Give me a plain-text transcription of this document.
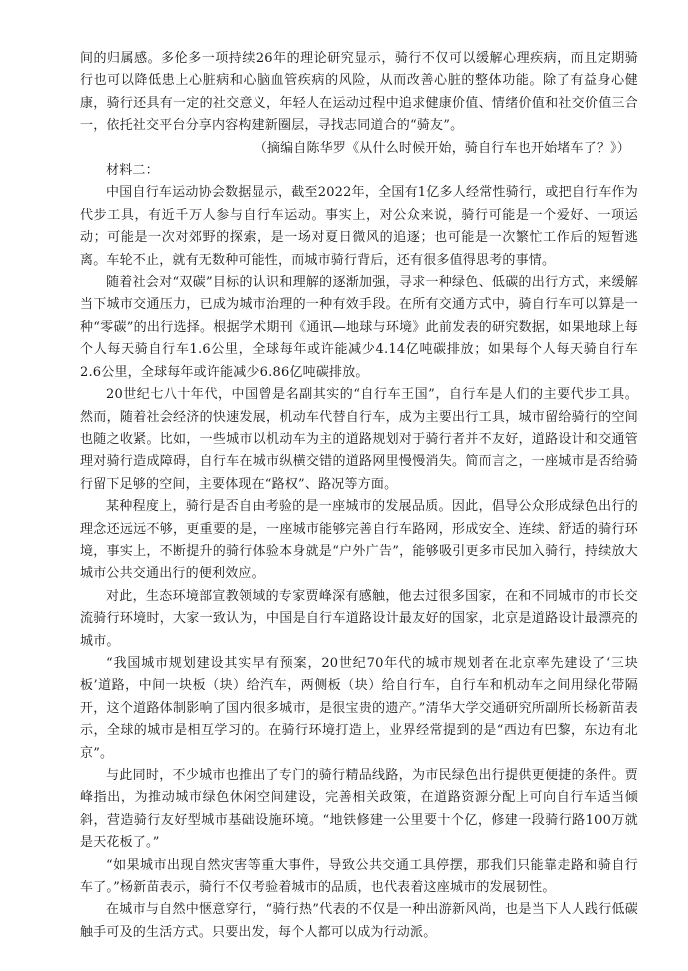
间的归属感。多伦多一项持续26年的理论研究显示，骑行不仅可以缓解心理疾病，而且定期骑行也可以降低患上心脏病和心脑血管疾病的风险，从而改善心脏的整体功能。除了有益身心健康，骑行还具有一定的社交意义，年轻人在运动过程中追求健康价值、情绪价值和社交价值三合一，依托社交平台分享内容构建新圈层，寻找志同道合的“骑友”。

（摘编自陈华罗《从什么时候开始，骑自行车也开始堵车了？》）

材料二：

中国自行车运动协会数据显示，截至2022年，全国有1亿多人经常性骑行，或把自行车作为代步工具，有近千万人参与自行车运动。事实上，对公众来说，骑行可能是一个爱好、一项运动；可能是一次对郊野的探索，是一场对夏日微风的追逐；也可能是一次繁忙工作后的短暂逃离。车轮不止，就有无数种可能性，而城市骑行背后，还有很多值得思考的事情。

随着社会对“双碳”目标的认识和理解的逐渐加强，寻求一种绿色、低碳的出行方式，来缓解当下城市交通压力，已成为城市治理的一种有效手段。在所有交通方式中，骑自行车可以算是一种“零碳”的出行选择。根据学术期刊《通讯—地球与环境》此前发表的研究数据，如果地球上每个人每天骑自行车1.6公里，全球每年或许能减少4.14亿吨碳排放；如果每个人每天骑自行车2.6公里，全球每年或许能减少6.86亿吨碳排放。

20世纪七八十年代，中国曾是名副其实的“自行车王国”，自行车是人们的主要代步工具。然而，随着社会经济的快速发展，机动车代替自行车，成为主要出行工具，城市留给骑行的空间也随之收紧。比如，一些城市以机动车为主的道路规划对于骑行者并不友好，道路设计和交通管理对骑行造成障碍，自行车在城市纵横交错的道路网里慢慢消失。简而言之，一座城市是否给骑行留下足够的空间，主要体现在“路权”、路况等方面。

某种程度上，骑行是否自由考验的是一座城市的发展品质。因此，倡导公众形成绿色出行的理念还远远不够，更重要的是，一座城市能够完善自行车路网，形成安全、连续、舒适的骑行环境，事实上，不断提升的骑行体验本身就是“户外广告”，能够吸引更多市民加入骑行，持续放大城市公共交通出行的便利效应。

对此，生态环境部宣教领域的专家贾峰深有感触，他去过很多国家，在和不同城市的市长交流骑行环境时，大家一致认为，中国是自行车道路设计最友好的国家，北京是道路设计最漂亮的城市。

“我国城市规划建设其实早有预案，20世纪70年代的城市规划者在北京率先建设了‘三块板’道路，中间一块板（块）给汽车，两侧板（块）给自行车，自行车和机动车之间用绿化带隔开，这个道路体制影响了国内很多城市，是很宝贵的遗产。”清华大学交通研究所副所长杨新苗表示，全球的城市是相互学习的。在骑行环境打造上，业界经常提到的是“西边有巴黎，东边有北京”。

与此同时，不少城市也推出了专门的骑行精品线路，为市民绿色出行提供更便捷的条件。贾峰指出，为推动城市绿色休闲空间建设，完善相关政策，在道路资源分配上可向自行车适当倾斜，营造骑行友好型城市基础设施环境。“地铁修建一公里要十个亿，修建一段骑行路100万就是天花板了。”

“如果城市出现自然灾害等重大事件，导致公共交通工具停摆，那我们只能靠走路和骑自行车了。”杨新苗表示，骑行不仅考验着城市的品质，也代表着这座城市的发展韧性。

在城市与自然中惬意穿行，“骑行热”代表的不仅是一种出游新风尚，也是当下人人践行低碳触手可及的生活方式。只要出发，每个人都可以成为行动派。
